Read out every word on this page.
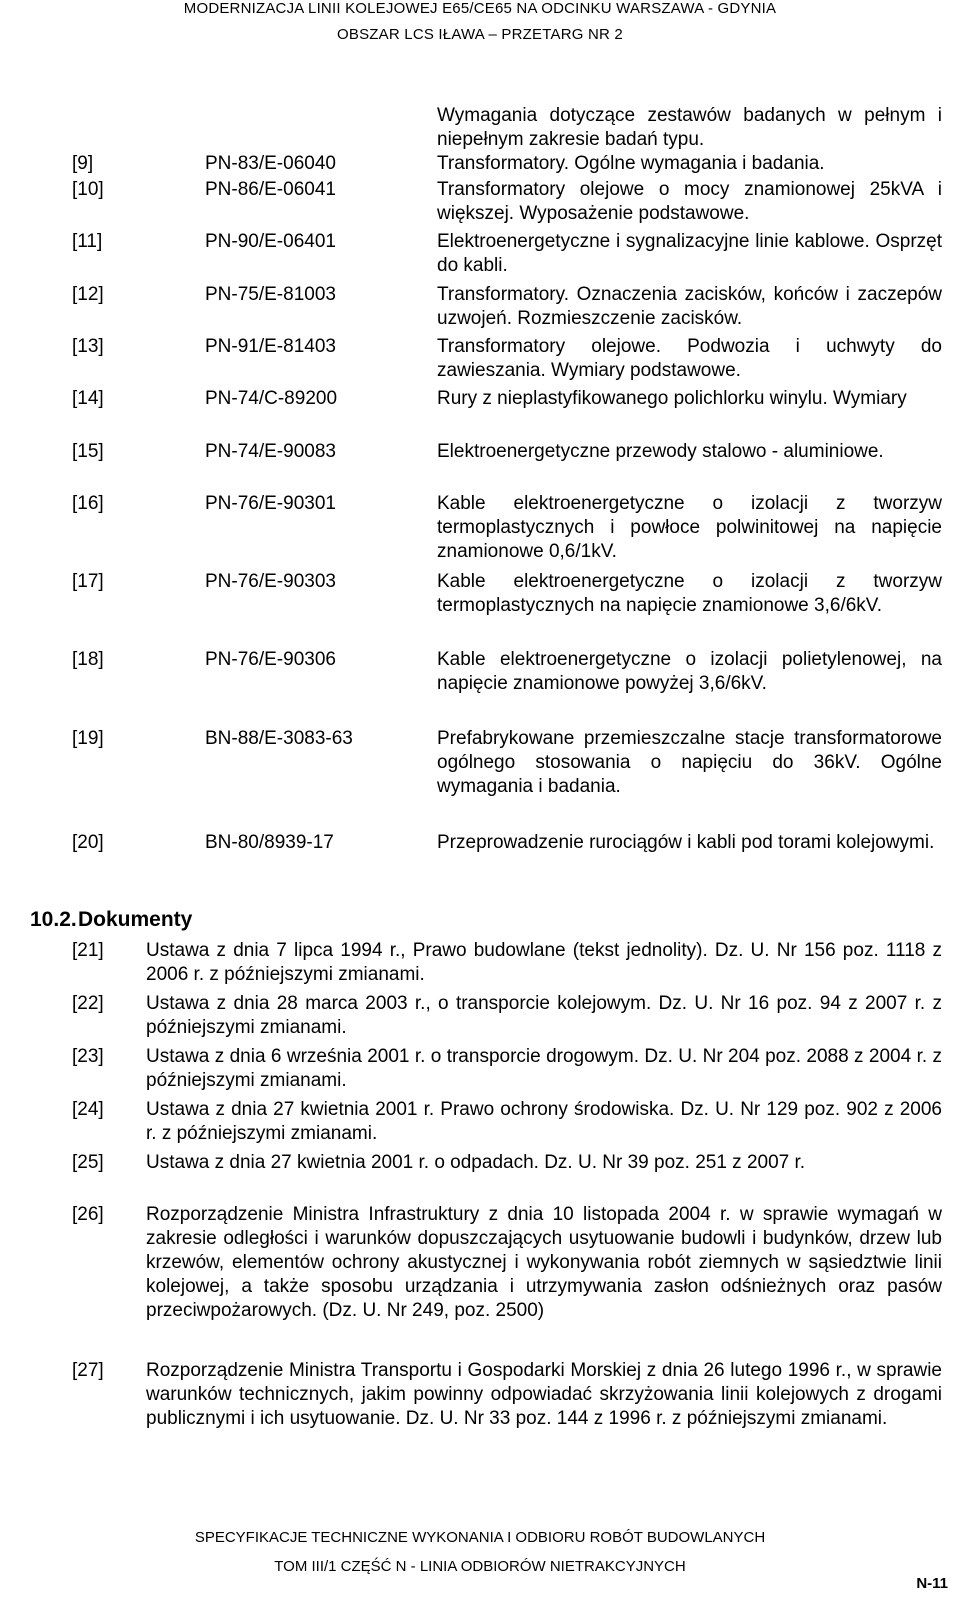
MODERNIZACJA LINII KOLEJOWEJ E65/CE65 NA ODCINKU WARSZAWA - GDYNIA
OBSZAR LCS IŁAWA – PRZETARG NR 2
Wymagania dotyczące zestawów badanych w pełnym i niepełnym zakresie badań typu.
[9]	PN-83/E-06040	Transformatory. Ogólne wymagania i badania.
[10]	PN-86/E-06041	Transformatory olejowe o mocy znamionowej 25kVA i większej. Wyposażenie podstawowe.
[11]	PN-90/E-06401	Elektroenergetyczne i sygnalizacyjne linie kablowe. Osprzęt do kabli.
[12]	PN-75/E-81003	Transformatory. Oznaczenia zacisków, końców i zaczepów uzwojeń. Rozmieszczenie zacisków.
[13]	PN-91/E-81403	Transformatory olejowe. Podwozia i uchwyty do zawieszania. Wymiary podstawowe.
[14]	PN-74/C-89200	Rury z nieplastyfikowanego polichlorku winylu. Wymiary
[15]	PN-74/E-90083	Elektroenergetyczne przewody stalowo - aluminiowe.
[16]	PN-76/E-90301	Kable elektroenergetyczne o izolacji z tworzyw termoplastycznych i powłoce polwinitowej na napięcie znamionowe 0,6/1kV.
[17]	PN-76/E-90303	Kable elektroenergetyczne o izolacji z tworzyw termoplastycznych na napięcie znamionowe 3,6/6kV.
[18]	PN-76/E-90306	Kable elektroenergetyczne o izolacji polietylenowej, na napięcie znamionowe powyżej 3,6/6kV.
[19]	BN-88/E-3083-63	Prefabrykowane przemieszczalne stacje transformatorowe ogólnego stosowania o napięciu do 36kV. Ogólne wymagania i badania.
[20]	BN-80/8939-17	Przeprowadzenie rurociągów i kabli pod torami kolejowymi.
10.2.Dokumenty
[21] Ustawa z dnia 7 lipca 1994 r., Prawo budowlane (tekst jednolity). Dz. U. Nr 156 poz. 1118 z 2006 r. z późniejszymi zmianami.
[22] Ustawa z dnia 28 marca 2003 r., o transporcie kolejowym. Dz. U. Nr 16 poz. 94 z 2007 r. z późniejszymi zmianami.
[23] Ustawa z dnia 6 września 2001 r. o transporcie drogowym. Dz. U. Nr 204 poz. 2088 z 2004 r. z późniejszymi zmianami.
[24] Ustawa z dnia 27 kwietnia 2001 r. Prawo ochrony środowiska. Dz. U. Nr 129 poz. 902 z 2006 r. z późniejszymi zmianami.
[25] Ustawa z dnia 27 kwietnia 2001 r. o odpadach. Dz. U. Nr 39 poz. 251 z 2007 r.
[26] Rozporządzenie Ministra Infrastruktury z dnia 10 listopada 2004 r. w sprawie wymagań w zakresie odległości i warunków dopuszczających usytuowanie budowli i budynków, drzew lub krzewów, elementów ochrony akustycznej i wykonywania robót ziemnych w sąsiedztwie linii kolejowej, a także sposobu urządzania i utrzymywania zasłon odśnieżnych oraz pasów przeciwpożarowych. (Dz. U. Nr 249, poz. 2500)
[27] Rozporządzenie Ministra Transportu i Gospodarki Morskiej z dnia 26 lutego 1996 r., w sprawie warunków technicznych, jakim powinny odpowiadać skrzyżowania linii kolejowych z drogami publicznymi i ich usytuowanie. Dz. U. Nr 33 poz. 144 z 1996 r. z późniejszymi zmianami.
SPECYFIKACJE TECHNICZNE WYKONANIA I ODBIORU ROBÓT BUDOWLANYCH
TOM III/1 CZĘŚĆ N - LINIA ODBIORÓW NIETRAKCYJNYCH
N-11
